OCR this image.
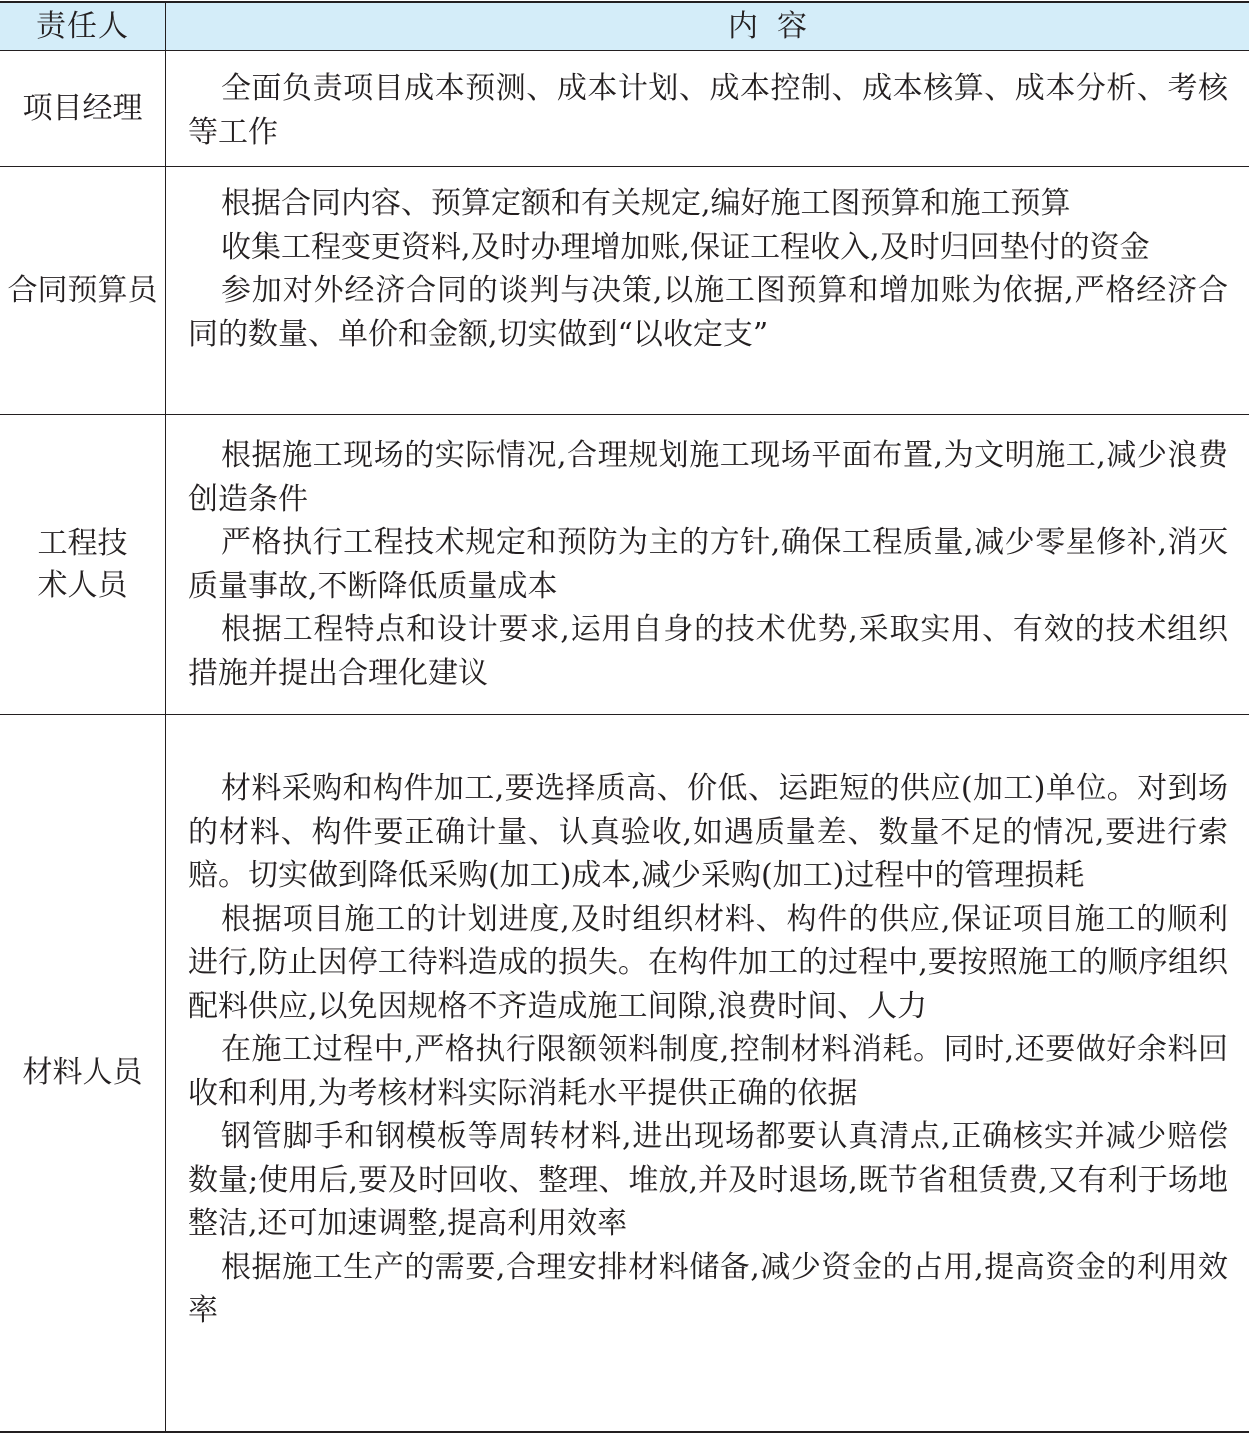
责任人	内  容
项目经理
全面负责项目成本预测、成本计划、成本控制、成本核算、成本分析、考核等工作
合同预算员
根据合同内容、预算定额和有关规定,编好施工图预算和施工预算
收集工程变更资料,及时办理增加账,保证工程收入,及时归回垫付的资金
参加对外经济合同的谈判与决策,以施工图预算和增加账为依据,严格经济合同的数量、单价和金额,切实做到“以收定支”
工程技术人员
根据施工现场的实际情况,合理规划施工现场平面布置,为文明施工,减少浪费创造条件
严格执行工程技术规定和预防为主的方针,确保工程质量,减少零星修补,消灭质量事故,不断降低质量成本
根据工程特点和设计要求,运用自身的技术优势,采取实用、有效的技术组织措施并提出合理化建议
材料人员
材料采购和构件加工,要选择质高、价低、运距短的供应(加工)单位。对到场的材料、构件要正确计量、认真验收,如遇质量差、数量不足的情况,要进行索赔。切实做到降低采购(加工)成本,减少采购(加工)过程中的管理损耗
根据项目施工的计划进度,及时组织材料、构件的供应,保证项目施工的顺利进行,防止因停工待料造成的损失。在构件加工的过程中,要按照施工的顺序组织配料供应,以免因规格不齐造成施工间隙,浪费时间、人力
在施工过程中,严格执行限额领料制度,控制材料消耗。同时,还要做好余料回收和利用,为考核材料实际消耗水平提供正确的依据
钢管脚手和钢模板等周转材料,进出现场都要认真清点,正确核实并减少赔偿数量;使用后,要及时回收、整理、堆放,并及时退场,既节省租赁费,又有利于场地整洁,还可加速调整,提高利用效率
根据施工生产的需要,合理安排材料储备,减少资金的占用,提高资金的利用效率
